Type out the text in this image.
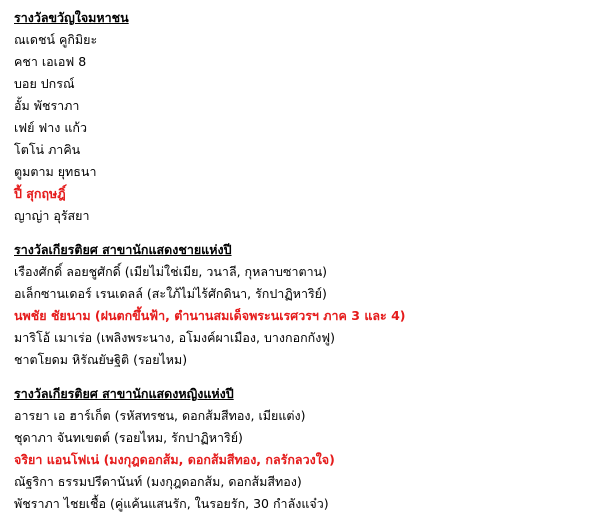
รางวัลขวัญใจมหาชน
ณเดชน์ คูกิมิยะ
คชา เอเอฟ 8
บอย ปกรณ์
อั้ม พัชราภา
เฟย์ ฟาง แก้ว
โตโน่ ภาคิน
ตูมตาม ยุทธนา
ปี้ สุกฤษฎิ์
ญาญ่า อุรัสยา
รางวัลเกียรติยศ สาขานักแสดงชายแห่งปี
เรืองศักดิ์ ลอยชูศักดิ์ (เมียไม่ใช่เมีย, วนาลี, กุหลาบซาตาน)
อเล็กซานเดอร์ เรนเดลล์ (สะใภ้ไม่ไร้ศักดินา, รักปาฏิหาริย์)
นพชัย ชัยนาม (ฝนตกขึ้นฟ้า, ตำนานสมเด็จพระนเรศวรฯ ภาค 3 และ 4)
มาริโอ้ เมาเร่อ (เพลิงพระนาง, อโมงค์ผาเมือง, บางกอกกังฟู)
ชาตโยดม หิรัณยัษฐิติ (รอยไหม)
รางวัลเกียรติยศ สาขานักแสดงหญิงแห่งปี
อารยา เอ ฮาร์เก็ต (รหัสทรชน, ดอกส้มสีทอง, เมียแต่ง)
ชุดาภา จันทเขตต์ (รอยไหม, รักปาฏิหาริย์)
จริยา แอนโฟเน่ (มงกุฎดอกส้ม, ดอกส้มสีทอง, กลรักลวงใจ)
ณัฐริกา ธรรมปรีดานันท์ (มงกุฎดอกส้ม, ดอกส้มสีทอง)
พัชราภา ไชยเชื้อ (คู่แค้นแสนรัก, ในรอยรัก, 30 กำลังแจ๋ว)
